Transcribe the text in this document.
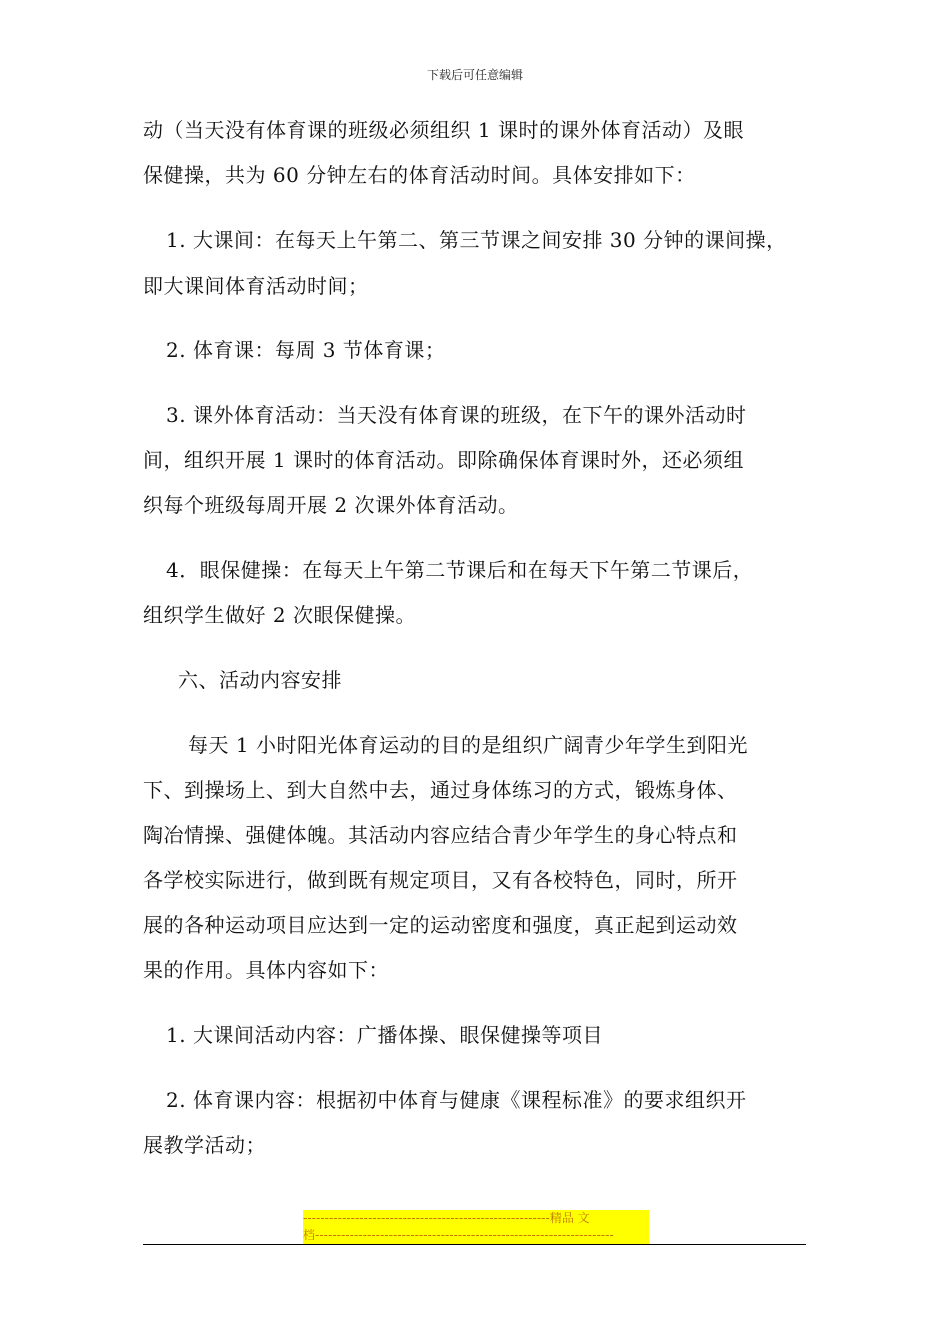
下载后可任意编辑
动（当天没有体育课的班级必须组织 1 课时的课外体育活动）及眼
保健操，共为 60 分钟左右的体育活动时间。具体安排如下：
1. 大课间：在每天上午第二、第三节课之间安排 30 分钟的课间操，
即大课间体育活动时间；
2. 体育课：每周 3 节体育课；
3. 课外体育活动：当天没有体育课的班级，在下午的课外活动时
间，组织开展 1 课时的体育活动。即除确保体育课时外，还必须组
织每个班级每周开展 2 次课外体育活动。
4．眼保健操：在每天上午第二节课后和在每天下午第二节课后，
组织学生做好 2 次眼保健操。
六、活动内容安排
每天 1 小时阳光体育运动的目的是组织广阔青少年学生到阳光
下、到操场上、到大自然中去，通过身体练习的方式，锻炼身体、
陶冶情操、强健体魄。其活动内容应结合青少年学生的身心特点和
各学校实际进行，做到既有规定项目，又有各校特色，同时，所开
展的各种运动项目应达到一定的运动密度和强度，真正起到运动效
果的作用。具体内容如下：
1. 大课间活动内容：广播体操、眼保健操等项目
2. 体育课内容：根据初中体育与健康《课程标准》的要求组织开
展教学活动；
---------------------------------------------------------精品 文
档---------------------------------------------------------------------
